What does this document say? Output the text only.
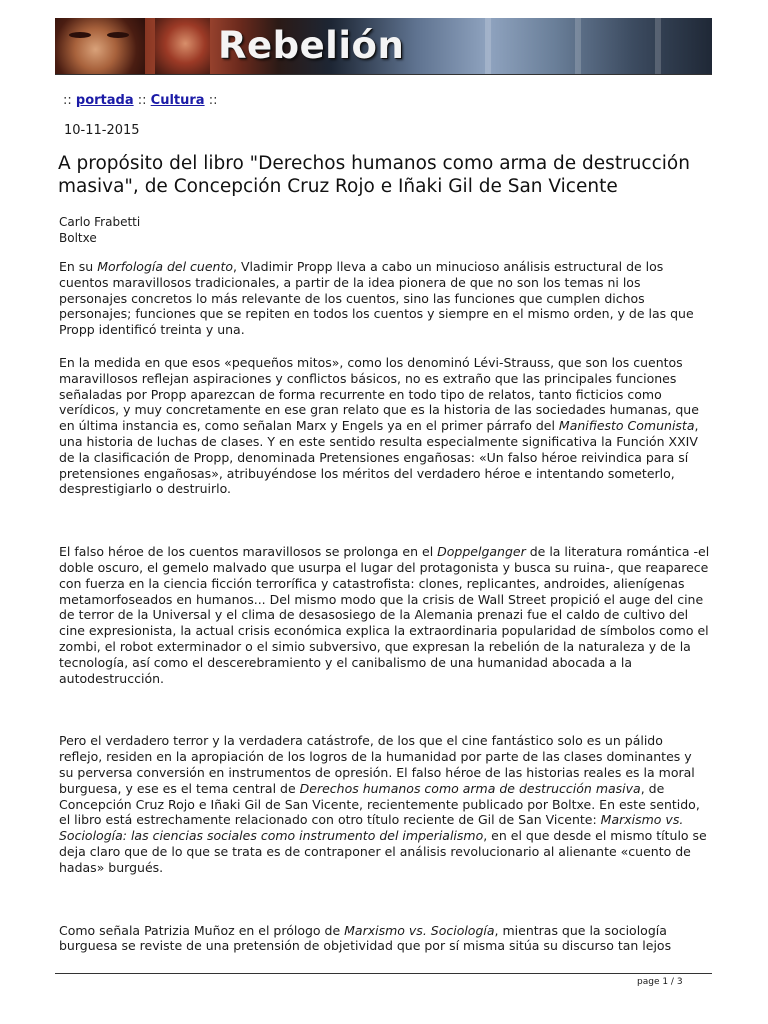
Rebelión
:: portada :: Cultura ::
10-11-2015
A propósito del libro "Derechos humanos como arma de destrucción masiva", de Concepción Cruz Rojo e Iñaki Gil de San Vicente
Carlo Frabetti
Boltxe

En su Morfología del cuento, Vladimir Propp lleva a cabo un minucioso análisis estructural de los cuentos maravillosos tradicionales, a partir de la idea pionera de que no son los temas ni los personajes concretos lo más relevante de los cuentos, sino las funciones que cumplen dichos personajes; funciones que se repiten en todos los cuentos y siempre en el mismo orden, y de las que Propp identificó treinta y una.

En la medida en que esos «pequeños mitos», como los denominó Lévi-Strauss, que son los cuentos maravillosos reflejan aspiraciones y conflictos básicos, no es extraño que las principales funciones señaladas por Propp aparezcan de forma recurrente en todo tipo de relatos, tanto ficticios como verídicos, y muy concretamente en ese gran relato que es la historia de las sociedades humanas, que en última instancia es, como señalan Marx y Engels ya en el primer párrafo del Manifiesto Comunista, una historia de luchas de clases. Y en este sentido resulta especialmente significativa la Función XXIV de la clasificación de Propp, denominada Pretensiones engañosas: «Un falso héroe reivindica para sí pretensiones engañosas», atribuyéndose los méritos del verdadero héroe e intentando someterlo, desprestigiarlo o destruirlo.

El falso héroe de los cuentos maravillosos se prolonga en el Doppelganger de la literatura romántica -el doble oscuro, el gemelo malvado que usurpa el lugar del protagonista y busca su ruina-, que reaparece con fuerza en la ciencia ficción terrorífica y catastrofista: clones, replicantes, androides, alienígenas metamorfoseados en humanos... Del mismo modo que la crisis de Wall Street propició el auge del cine de terror de la Universal y el clima de desasosiego de la Alemania prenazi fue el caldo de cultivo del cine expresionista, la actual crisis económica explica la extraordinaria popularidad de símbolos como el zombi, el robot exterminador o el simio subversivo, que expresan la rebelión de la naturaleza y de la tecnología, así como el descerebramiento y el canibalismo de una humanidad abocada a la autodestrucción.

Pero el verdadero terror y la verdadera catástrofe, de los que el cine fantástico solo es un pálido reflejo, residen en la apropiación de los logros de la humanidad por parte de las clases dominantes y su perversa conversión en instrumentos de opresión. El falso héroe de las historias reales es la moral burguesa, y ese es el tema central de Derechos humanos como arma de destrucción masiva, de Concepción Cruz Rojo e Iñaki Gil de San Vicente, recientemente publicado por Boltxe. En este sentido, el libro está estrechamente relacionado con otro título reciente de Gil de San Vicente: Marxismo vs. Sociología: las ciencias sociales como instrumento del imperialismo, en el que desde el mismo título se deja claro que de lo que se trata es de contraponer el análisis revolucionario al alienante «cuento de hadas» burgués.

Como señala Patrizia Muñoz en el prólogo de Marxismo vs. Sociología, mientras que la sociología burguesa se reviste de una pretensión de objetividad que por sí misma sitúa su discurso tan lejos

page 1 / 3
